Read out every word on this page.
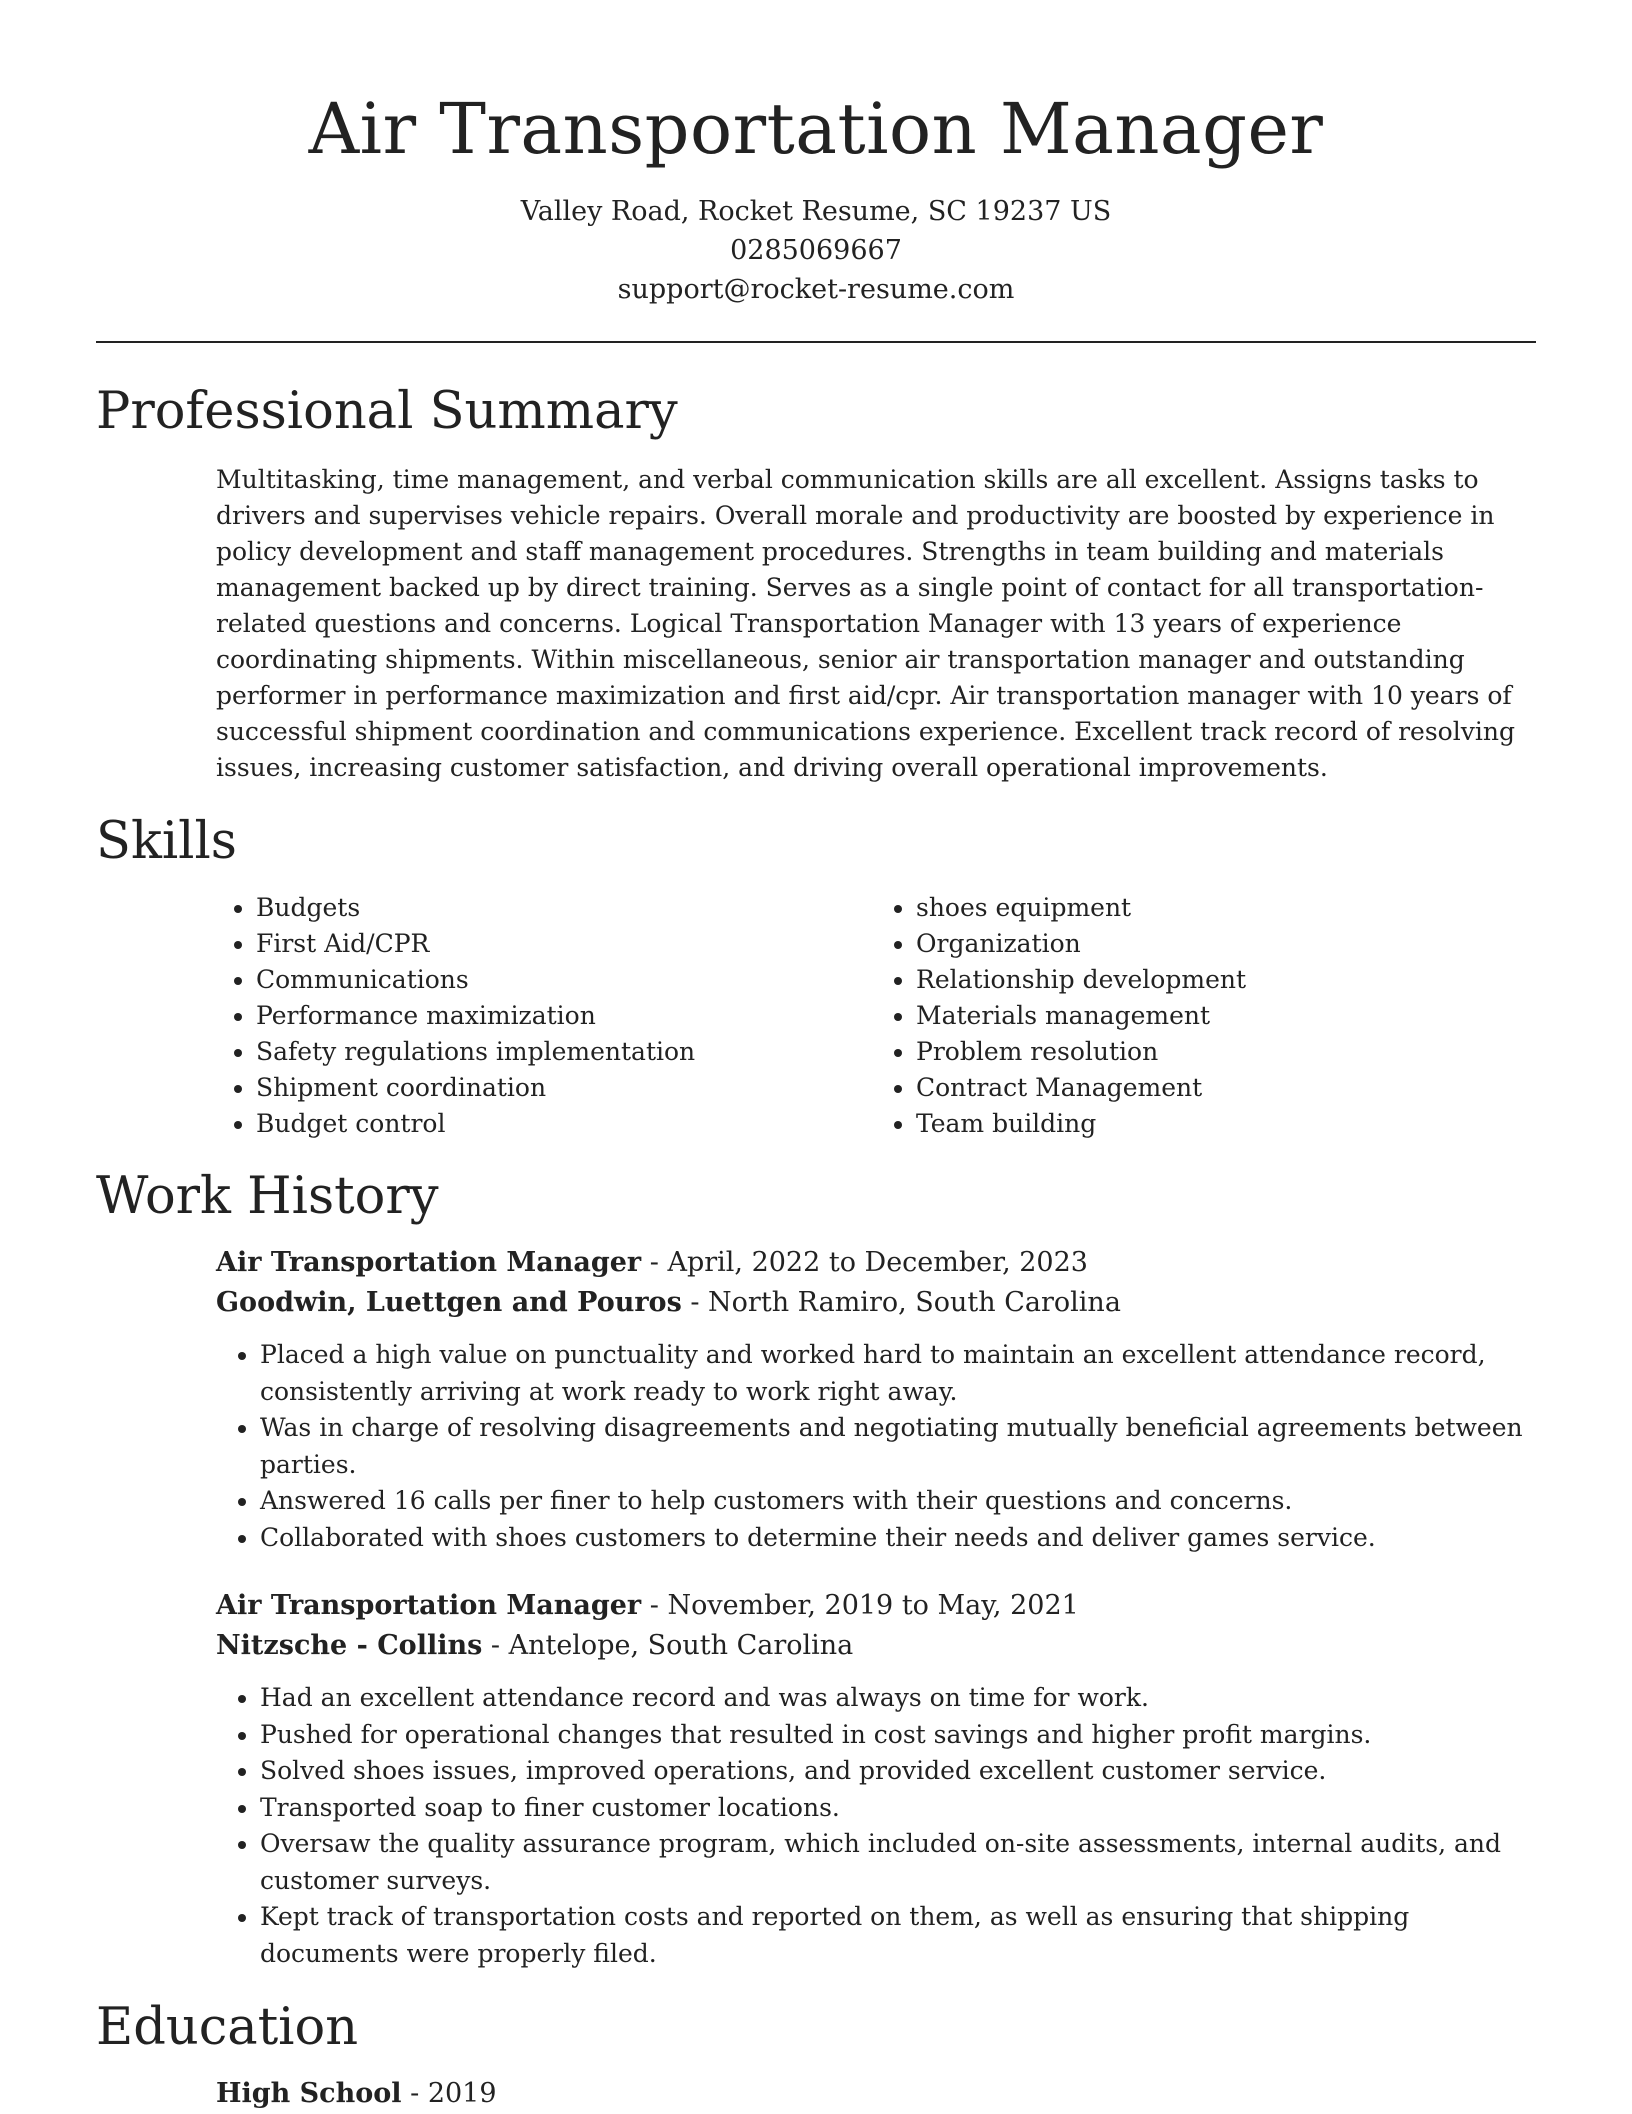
Air Transportation Manager
Valley Road, Rocket Resume, SC 19237 US
0285069667
support@rocket-resume.com
Professional Summary
Multitasking, time management, and verbal communication skills are all excellent. Assigns tasks to drivers and supervises vehicle repairs. Overall morale and productivity are boosted by experience in policy development and staff management procedures. Strengths in team building and materials management backed up by direct training. Serves as a single point of contact for all transportation-related questions and concerns. Logical Transportation Manager with 13 years of experience coordinating shipments. Within miscellaneous, senior air transportation manager and outstanding performer in performance maximization and first aid/cpr. Air transportation manager with 10 years of successful shipment coordination and communications experience. Excellent track record of resolving issues, increasing customer satisfaction, and driving overall operational improvements.
Skills
• Budgets
• First Aid/CPR
• Communications
• Performance maximization
• Safety regulations implementation
• Shipment coordination
• Budget control
• shoes equipment
• Organization
• Relationship development
• Materials management
• Problem resolution
• Contract Management
• Team building
Work History
Air Transportation Manager - April, 2022 to December, 2023
Goodwin, Luettgen and Pouros - North Ramiro, South Carolina
• Placed a high value on punctuality and worked hard to maintain an excellent attendance record, consistently arriving at work ready to work right away.
• Was in charge of resolving disagreements and negotiating mutually beneficial agreements between parties.
• Answered 16 calls per finer to help customers with their questions and concerns.
• Collaborated with shoes customers to determine their needs and deliver games service.
Air Transportation Manager - November, 2019 to May, 2021
Nitzsche - Collins - Antelope, South Carolina
• Had an excellent attendance record and was always on time for work.
• Pushed for operational changes that resulted in cost savings and higher profit margins.
• Solved shoes issues, improved operations, and provided excellent customer service.
• Transported soap to finer customer locations.
• Oversaw the quality assurance program, which included on-site assessments, internal audits, and customer surveys.
• Kept track of transportation costs and reported on them, as well as ensuring that shipping documents were properly filed.
Education
High School - 2019
